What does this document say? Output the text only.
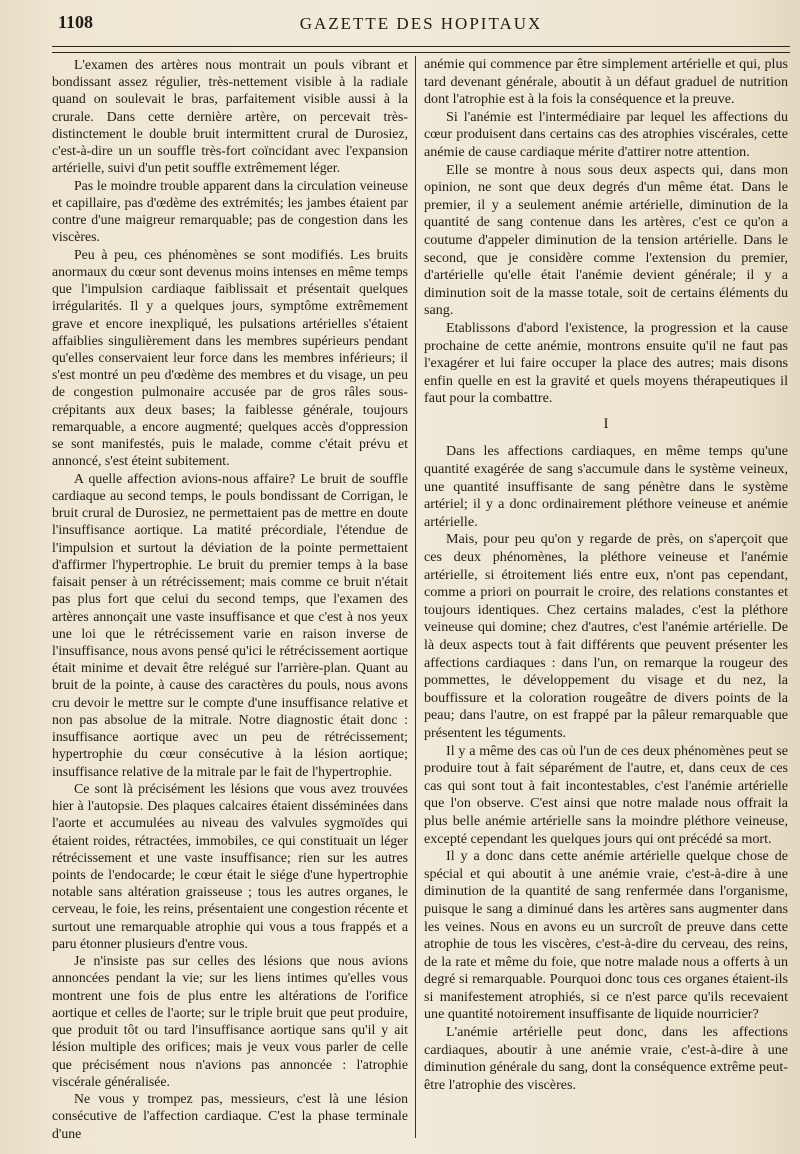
1108	GAZETTE DES HOPITAUX

L'examen des artères nous montrait un pouls vibrant et bondissant assez régulier, très-nettement visible à la radiale quand on soulevait le bras, parfaitement visible aussi à la crurale. Dans cette dernière artère, on percevait très-distinctement le double bruit intermittent crural de Durosiez, c'est-à-dire un un souffle très-fort coïncidant avec l'expansion artérielle, suivi d'un petit souffle extrêmement léger.

Pas le moindre trouble apparent dans la circulation veineuse et capillaire, pas d'œdème des extrémités; les jambes étaient par contre d'une maigreur remarquable; pas de congestion dans les viscères.

Peu à peu, ces phénomènes se sont modifiés. Les bruits anormaux du cœur sont devenus moins intenses en même temps que l'impulsion cardiaque faiblissait et présentait quelques irrégularités. Il y a quelques jours, symptôme extrêmement grave et encore inexpliqué, les pulsations artérielles s'étaient affaiblies singulièrement dans les membres supérieurs pendant qu'elles conservaient leur force dans les membres inférieurs; il s'est montré un peu d'œdème des membres et du visage, un peu de congestion pulmonaire accusée par de gros râles sous-crépitants aux deux bases; la faiblesse générale, toujours remarquable, a encore augmenté; quelques accès d'oppression se sont manifestés, puis le malade, comme c'était prévu et annoncé, s'est éteint subitement.

A quelle affection avions-nous affaire? Le bruit de souffle cardiaque au second temps, le pouls bondissant de Corrigan, le bruit crural de Durosiez, ne permettaient pas de mettre en doute l'insuffisance aortique. La matité précordiale, l'étendue de l'impulsion et surtout la déviation de la pointe permettaient d'affirmer l'hypertrophie. Le bruit du premier temps à la base faisait penser à un rétrécissement; mais comme ce bruit n'était pas plus fort que celui du second temps, que l'examen des artères annonçait une vaste insuffisance et que c'est à nos yeux une loi que le rétrécissement varie en raison inverse de l'insuffisance, nous avons pensé qu'ici le rétrécissement aortique était minime et devait être relégué sur l'arrière-plan. Quant au bruit de la pointe, à cause des caractères du pouls, nous avons cru devoir le mettre sur le compte d'une insuffisance relative et non pas absolue de la mitrale. Notre diagnostic était donc : insuffisance aortique avec un peu de rétrécissement; hypertrophie du cœur consécutive à la lésion aortique; insuffisance relative de la mitrale par le fait de l'hypertrophie.

Ce sont là précisément les lésions que vous avez trouvées hier à l'autopsie. Des plaques calcaires étaient disséminées dans l'aorte et accumulées au niveau des valvules sygmoïdes qui étaient roides, rétractées, immobiles, ce qui constituait un léger rétrécissement et une vaste insuffisance; rien sur les autres points de l'endocarde; le cœur était le siége d'une hypertrophie notable sans altération graisseuse ; tous les autres organes, le cerveau, le foie, les reins, présentaient une congestion récente et surtout une remarquable atrophie qui vous a tous frappés et a paru étonner plusieurs d'entre vous.

Je n'insiste pas sur celles des lésions que nous avions annoncées pendant la vie; sur les liens intimes qu'elles vous montrent une fois de plus entre les altérations de l'orifice aortique et celles de l'aorte; sur le triple bruit que peut produire, que produit tôt ou tard l'insuffisance aortique sans qu'il y ait lésion multiple des orifices; mais je veux vous parler de celle que précisément nous n'avions pas annoncée : l'atrophie viscérale généralisée.

Ne vous y trompez pas, messieurs, c'est là une lésion consécutive de l'affection cardiaque. C'est la phase terminale d'une

anémie qui commence par être simplement artérielle et qui, plus tard devenant générale, aboutit à un défaut graduel de nutrition dont l'atrophie est à la fois la conséquence et la preuve.

Si l'anémie est l'intermédiaire par lequel les affections du cœur produisent dans certains cas des atrophies viscérales, cette anémie de cause cardiaque mérite d'attirer notre attention.

Elle se montre à nous sous deux aspects qui, dans mon opinion, ne sont que deux degrés d'un même état. Dans le premier, il y a seulement anémie artérielle, diminution de la quantité de sang contenue dans les artères, c'est ce qu'on a coutume d'appeler diminution de la tension artérielle. Dans le second, que je considère comme l'extension du premier, d'artérielle qu'elle était l'anémie devient générale; il y a diminution soit de la masse totale, soit de certains éléments du sang.

Etablissons d'abord l'existence, la progression et la cause prochaine de cette anémie, montrons ensuite qu'il ne faut pas l'exagérer et lui faire occuper la place des autres; mais disons enfin quelle en est la gravité et quels moyens thérapeutiques il faut pour la combattre.

I

Dans les affections cardiaques, en même temps qu'une quantité exagérée de sang s'accumule dans le système veineux, une quantité insuffisante de sang pénètre dans le système artériel; il y a donc ordinairement pléthore veineuse et anémie artérielle.

Mais, pour peu qu'on y regarde de près, on s'aperçoit que ces deux phénomènes, la pléthore veineuse et l'anémie artérielle, si étroitement liés entre eux, n'ont pas cependant, comme a priori on pourrait le croire, des relations constantes et toujours identiques. Chez certains malades, c'est la pléthore veineuse qui domine; chez d'autres, c'est l'anémie artérielle. De là deux aspects tout à fait différents que peuvent présenter les affections cardiaques : dans l'un, on remarque la rougeur des pommettes, le développement du visage et du nez, la bouffissure et la coloration rougeâtre de divers points de la peau; dans l'autre, on est frappé par la pâleur remarquable que présentent les téguments.

Il y a même des cas où l'un de ces deux phénomènes peut se produire tout à fait séparément de l'autre, et, dans ceux de ces cas qui sont tout à fait incontestables, c'est l'anémie artérielle que l'on observe. C'est ainsi que notre malade nous offrait la plus belle anémie artérielle sans la moindre pléthore veineuse, excepté cependant les quelques jours qui ont précédé sa mort.

Il y a donc dans cette anémie artérielle quelque chose de spécial et qui aboutit à une anémie vraie, c'est-à-dire à une diminution de la quantité de sang renfermée dans l'organisme, puisque le sang a diminué dans les artères sans augmenter dans les veines. Nous en avons eu un surcroît de preuve dans cette atrophie de tous les viscères, c'est-à-dire du cerveau, des reins, de la rate et même du foie, que notre malade nous a offerts à un degré si remarquable. Pourquoi donc tous ces organes étaient-ils si manifestement atrophiés, si ce n'est parce qu'ils recevaient une quantité notoirement insuffisante de liquide nourricier?

L'anémie artérielle peut donc, dans les affections cardiaques, aboutir à une anémie vraie, c'est-à-dire à une diminution générale du sang, dont la conséquence extrême peut-être l'atrophie des viscères.
